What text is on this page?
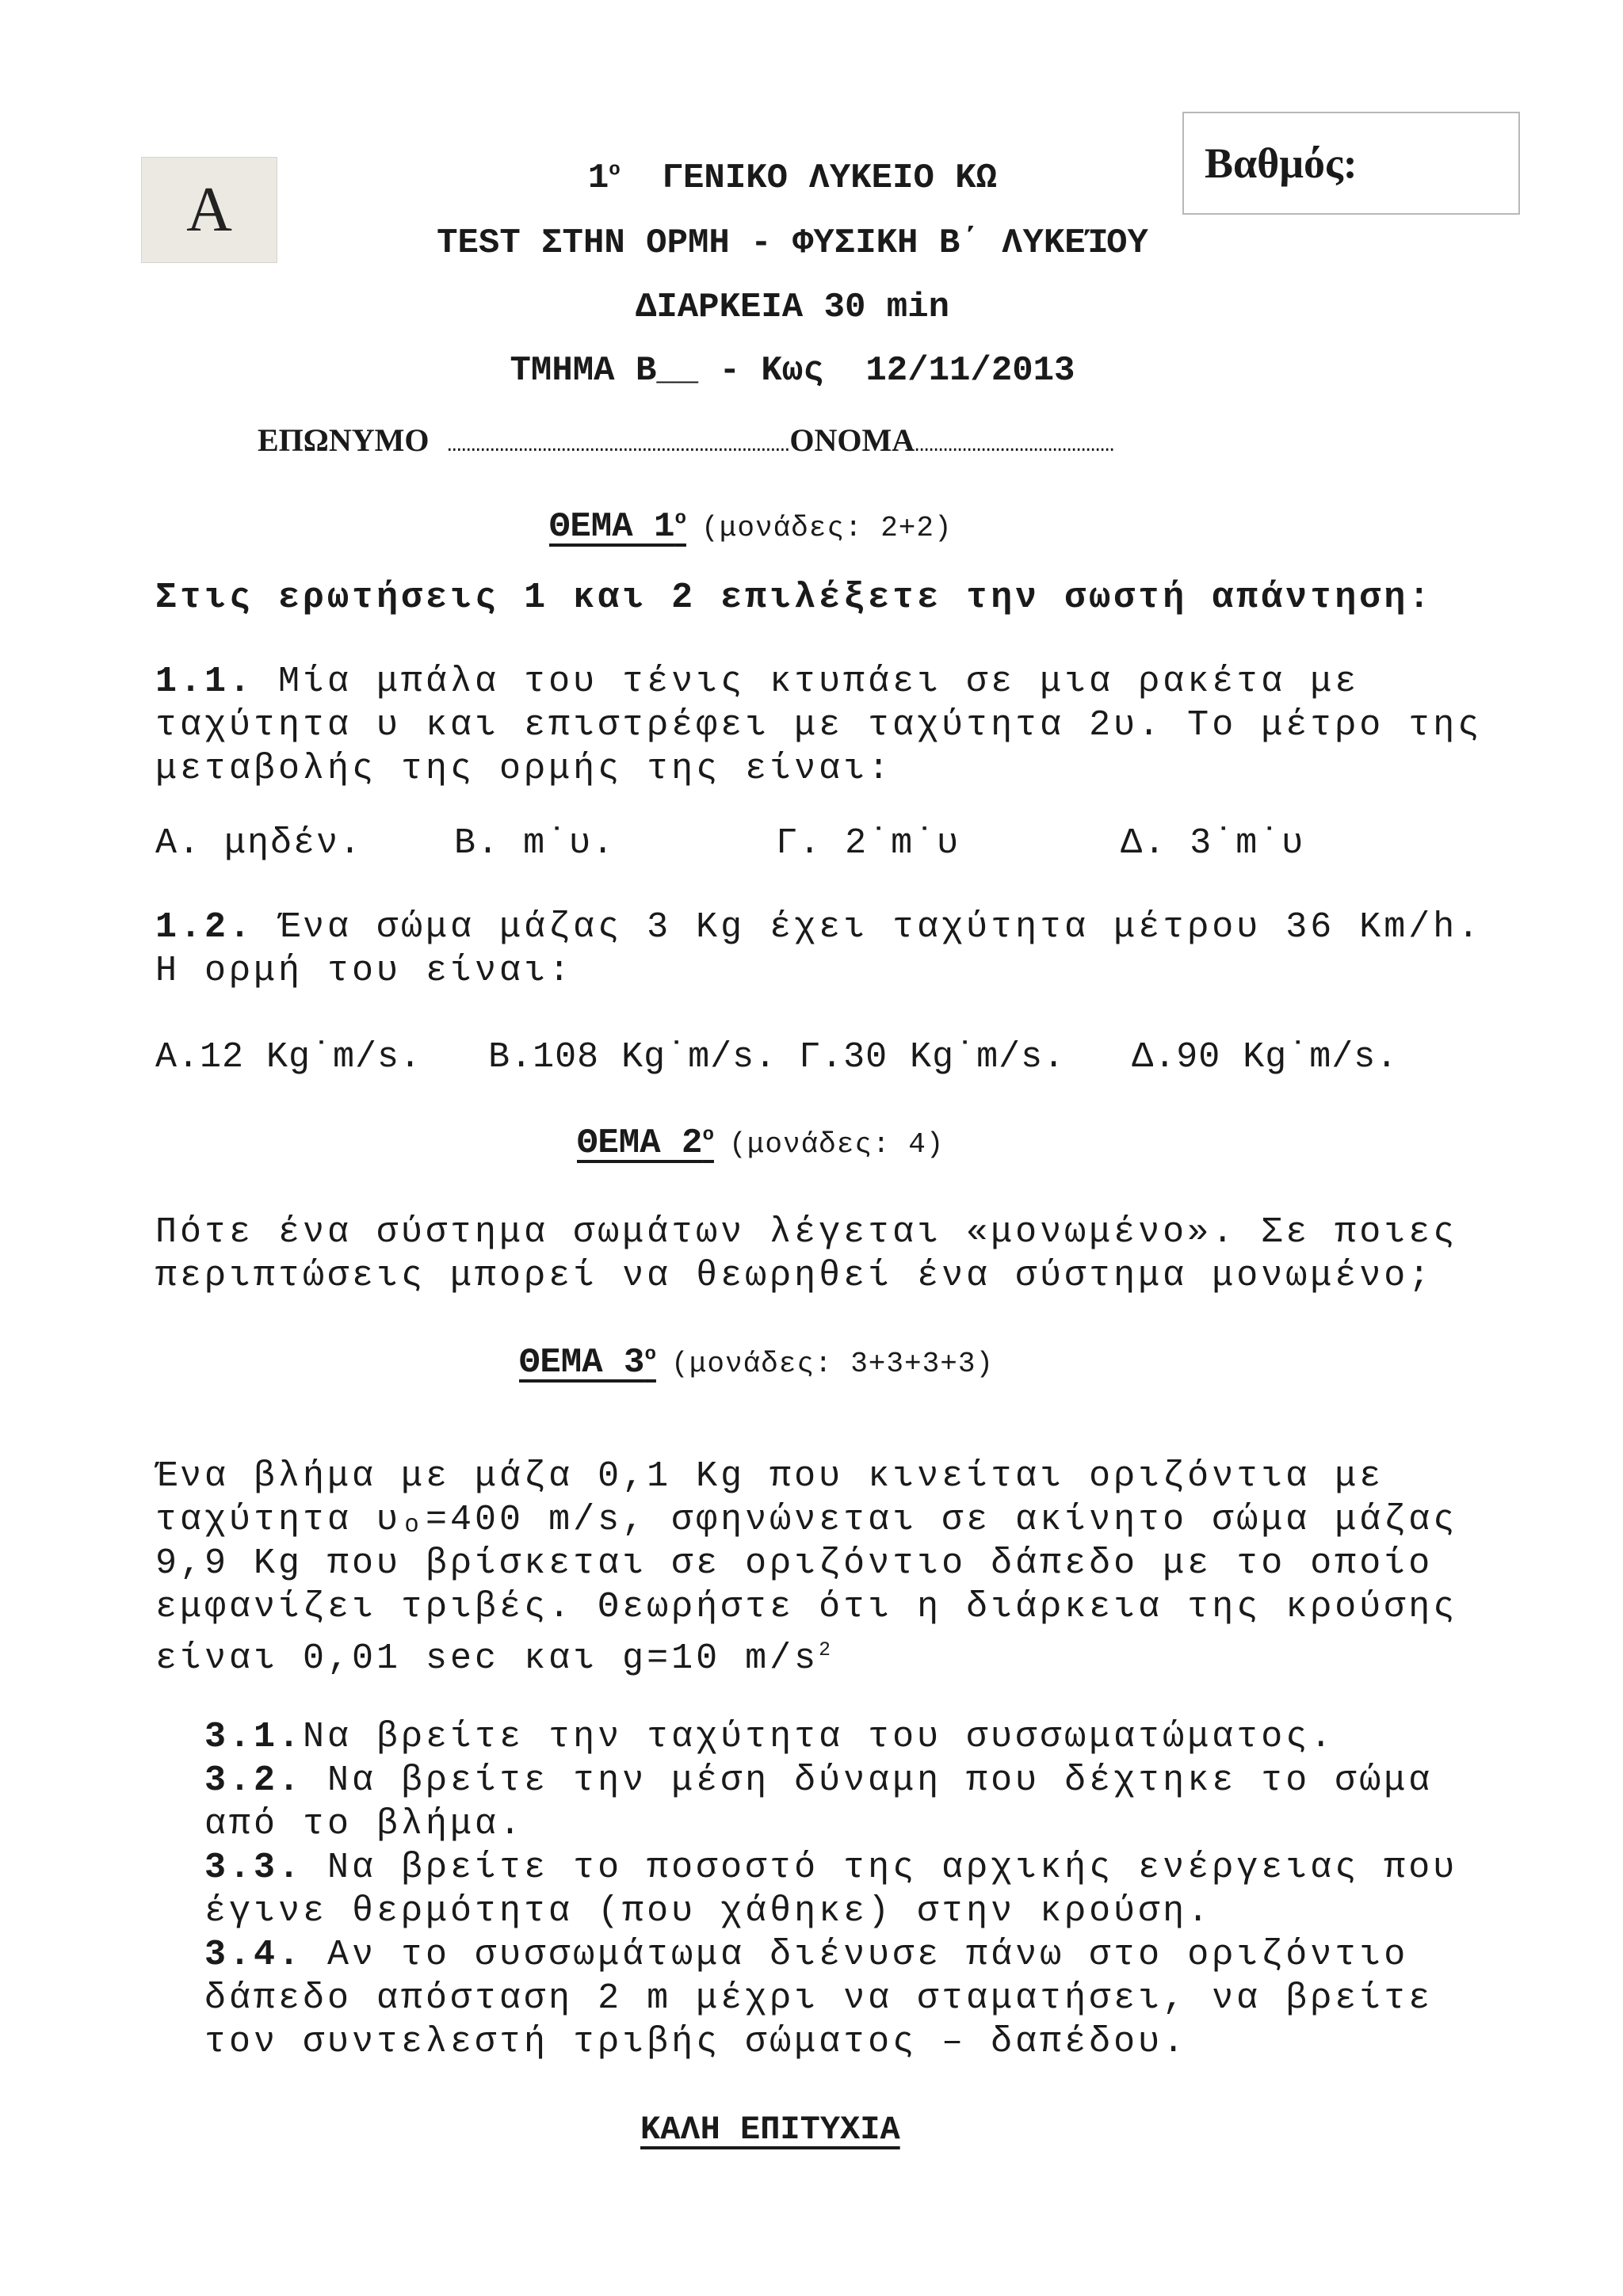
A
Βαθμός:
$1^o$  ΓΕΝΙΚΟ ΛΥΚΕΙΟ ΚΩ
TEST ΣΤΗΝ ΟΡΜΗ - ΦΥΣΙΚΗ Β΄ ΛΥΚΕΊΟΥ
ΔΙΑΡΚΕΙΑ 30 min
ΤΜΗΜΑ Β__ - Κως  12/11/2013
ΕΠΩΝΥΜΟ ………………………………………………………………ΟΝΟΜΑ……………………………………
ΘΕΜΑ $1^o$ (μονάδες: 2+2)
Στις ερωτήσεις 1 και 2 επιλέξετε την σωστή απάντηση:
1.1. Μία μπάλα του τένις κτυπάει σε μια ρακέτα με
ταχύτητα υ και επιστρέφει με ταχύτητα 2υ. Το μέτρο της
μεταβολής της ορμής της είναι:
Α. μηδέν.    Β. m˙υ.       Γ. 2˙m˙υ       Δ. 3˙m˙υ
1.2. Ένα σώμα μάζας 3 Kg έχει ταχύτητα μέτρου 36 Km/h.
Η ορμή του είναι:
Α.12 Kg˙m/s.   Β.108 Kg˙m/s. Γ.30 Kg˙m/s.   Δ.90 Kg˙m/s.
ΘΕΜΑ $2^o$ (μονάδες: 4)
Πότε ένα σύστημα σωμάτων λέγεται «μονωμένο». Σε ποιες
περιπτώσεις μπορεί να θεωρηθεί ένα σύστημα μονωμένο;
ΘΕΜΑ $3^o$ (μονάδες: 3+3+3+3)
Ένα βλήμα με μάζα 0,1 Kg που κινείται οριζόντια με
ταχύτητα υₒ=400 m/s, σφηνώνεται σε ακίνητο σώμα μάζας
9,9 Kg που βρίσκεται σε οριζόντιο δάπεδο με το οποίο
εμφανίζει τριβές. Θεωρήστε ότι η διάρκεια της κρούσης
είναι 0,01 sec και g=10 $m/s^2$
3.1.Να βρείτε την ταχύτητα του συσσωματώματος.
3.2. Να βρείτε την μέση δύναμη που δέχτηκε το σώμα
από το βλήμα.
3.3. Να βρείτε το ποσοστό της αρχικής ενέργειας που
έγινε θερμότητα (που χάθηκε) στην κρούση.
3.4. Αν το συσσωμάτωμα διένυσε πάνω στο οριζόντιο
δάπεδο απόσταση 2 m μέχρι να σταματήσει, να βρείτε
τον συντελεστή τριβής σώματος – δαπέδου.
ΚΑΛΗ ΕΠΙΤΥΧΙΑ
